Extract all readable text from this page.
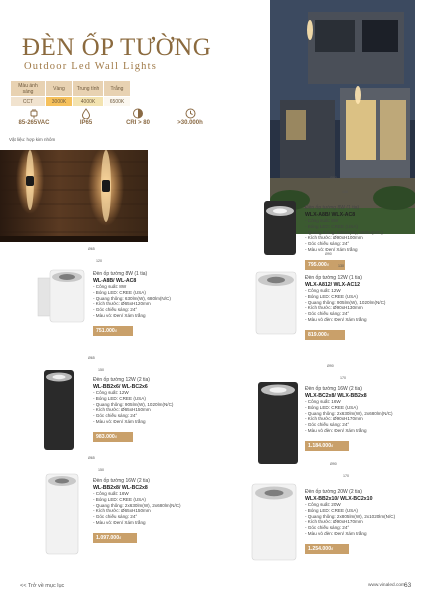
ĐÈN ỐP TƯỜNG
Outdoor Led Wall Lights
Màu ánh sáng	Vàng	Trung tính	Trắng
CCT	3000K	4000K	6500K
85-265VAC	IP65	CRI > 80	>30.000h
Vật liệu: hợp kim nhôm
Ø90
100
Đèn ốp tường 8W (1 tia)
WLX-A8B/ WLX-AC8
- Công suất: 8W
- Bóng LED: CREE (USA)
- Quang thông: 630lm(W), 680lm(N/C)
- Kích thước: Ø90xH100mm
- Góc chiếu sáng: 24°
- Màu vỏ: Đen/ Xám trắng
795.000đ
Ø65
120
Đèn ốp tường 8W (1 tia)
WL-A8B/ WL-AC8
- Công suất: 8W
- Bóng LED: CREE (USA)
- Quang thông: 630lm(W), 680lm(N/C)
- Kích thước: Ø65xH120mm
- Góc chiếu sáng: 24°
- Màu vỏ: Đen/ Xám trắng
751.000đ
Ø90
130
Đèn ốp tường 12W (1 tia)
WLX-A812/ WLX-AC12
- Công suất: 12W
- Bóng LED: CREE (USA)
- Quang thông: 905lm(W), 1020lm(N/C)
- Kích thước: Ø90xH130mm
- Góc chiếu sáng: 24°
- Màu vỏ đèn: Đen/ Xám trắng
819.000đ
Ø65
150
Đèn ốp tường 12W (2 tia)
WL-BB2x6/ WL-BC2x6
- Công suất: 12W
- Bóng LED: CREE (USA)
- Quang thông: 905lm(W), 1020lm(N/C)
- Kích thước: Ø65xH150mm
- Góc chiếu sáng: 24°
- Màu vỏ: Đen/ Xám trắng
983.000đ
Ø90
170
Đèn ốp tường 16W (2 tia)
WLX-BC2x8/ WLX-BB2x8
- Công suất: 16W
- Bóng LED: CREE (USA)
- Quang thông: 2x630lm(W), 2x680lm(N/C)
- Kích thước: Ø90xH170mm
- Góc chiếu sáng: 24°
- Màu vỏ đèn: Đen/ Xám trắng
1.184.000đ
Ø65
150
Đèn ốp tường 16W (2 tia)
WL-BB2x8/ WL-BC2x8
- Công suất: 16W
- Bóng LED: CREE (USA)
- Quang thông: 2x630lm(W), 2x680lm(N/C)
- Kích thước: Ø65xH150mm
- Góc chiếu sáng: 24°
- Màu vỏ: Đen/ Xám trắng
1.097.000đ
Ø90
170
Đèn ốp tường 20W (2 tia)
WLX-BB2x10/ WLX-BC2x10
- Công suất: 20W
- Bóng LED: CREE (USA)
- Quang thông: 2x805lm(W), 2x1020lm(N/C)
- Kích thước: Ø90xH170mm
- Góc chiếu sáng: 24°
- Màu vỏ đèn: Đen/ Xám trắng
1.254.000đ
<< Trở về mục lục	www.vinaled.com
63
